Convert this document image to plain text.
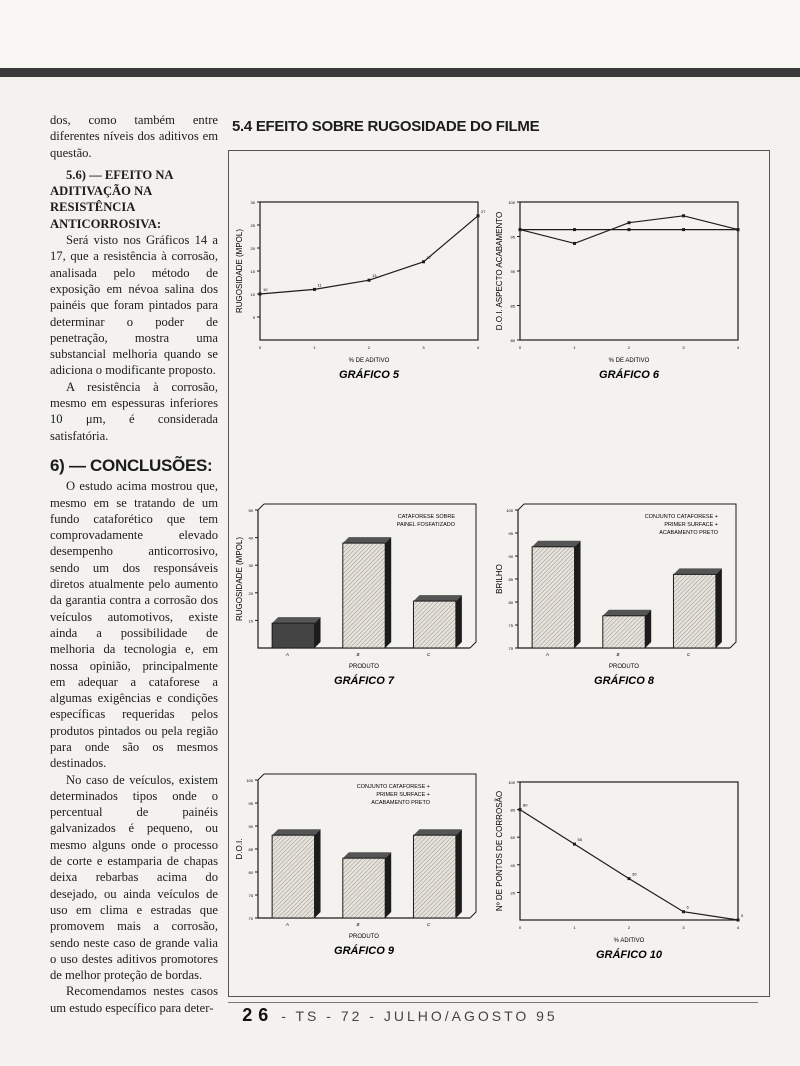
dos, como também entre diferentes níveis dos aditivos em questão.

5.6) — EFEITO NA ADITIVAÇÃO NA RESISTÊNCIA ANTICORROSIVA:

Será visto nos Gráficos 14 a 17, que a resistência à corrosão, analisada pelo método de exposição em névoa salina dos painéis que foram pintados para determinar o poder de penetração, mostra uma substancial melhoria quando se adiciona o modificante proposto.

A resistência à corrosão, mesmo em espessuras inferiores 10 μm, é considerada satisfatória.

6) — CONCLUSÕES:

O estudo acima mostrou que, mesmo em se tratando de um fundo cataforético que tem comprovadamente elevado desempenho anticorrosivo, sendo um dos responsáveis diretos atualmente pelo aumento da garantia contra a corrosão dos veículos automotivos, existe ainda a possibilidade de melhoria da tecnologia e, em nossa opinião, principalmente em adequar a cataforese a algumas exigências e condições específicas requeridas pelos produtos pintados ou pela região para onde são os mesmos destinados.

No caso de veículos, existem determinados tipos onde o percentual de painéis galvanizados é pequeno, ou mesmo alguns onde o processo de corte e estamparia de chapas deixa rebarbas acima do desejado, ou ainda veículos de uso em clima e estradas que promovem mais a corrosão, sendo neste caso de grande valia o uso destes aditivos promotores de melhor proteção de bordas.

Recomendamos nestes casos um estudo específico para deter-

5.4 EFEITO SOBRE RUGOSIDADE DO FILME
5
10
15
20
25
30
0	1	2	3	4
10
11
13
17
27
RUGOSIDADE (MPOL)
% DE ADITIVO
GRÁFICO 5
80
85
90
95
100
0	1	2	3	4
D.O.I. ASPECTO ACABAMENTO
% DE ADITIVO
GRÁFICO 6
10
20
30
40
50
A	B	C
CATAFORESE SOBRE
PAINEL FOSFATIZADO
RUGOSIDADE (MPOL)
PRODUTO
GRÁFICO 7
70
75
80
85
90
95
100
A	B	C
CONJUNTO CATAFORESE +
PRIMER SURFACE +
ACABAMENTO PRETO
BRILHO
PRODUTO
GRÁFICO 8
70
75
80
85
90
95
100
A	B	C
CONJUNTO CATAFORESE +
PRIMER SURFACE +
ACABAMENTO PRETO
D.O.I.
PRODUTO
GRÁFICO 9
20
40
60
80
100
0	1	2	3	4
80
55
30
6
0
Nº DE PONTOS DE CORROSÃO
% ADITIVO
GRÁFICO 10
26 - TS - 72 - JULHO/AGOSTO 95
